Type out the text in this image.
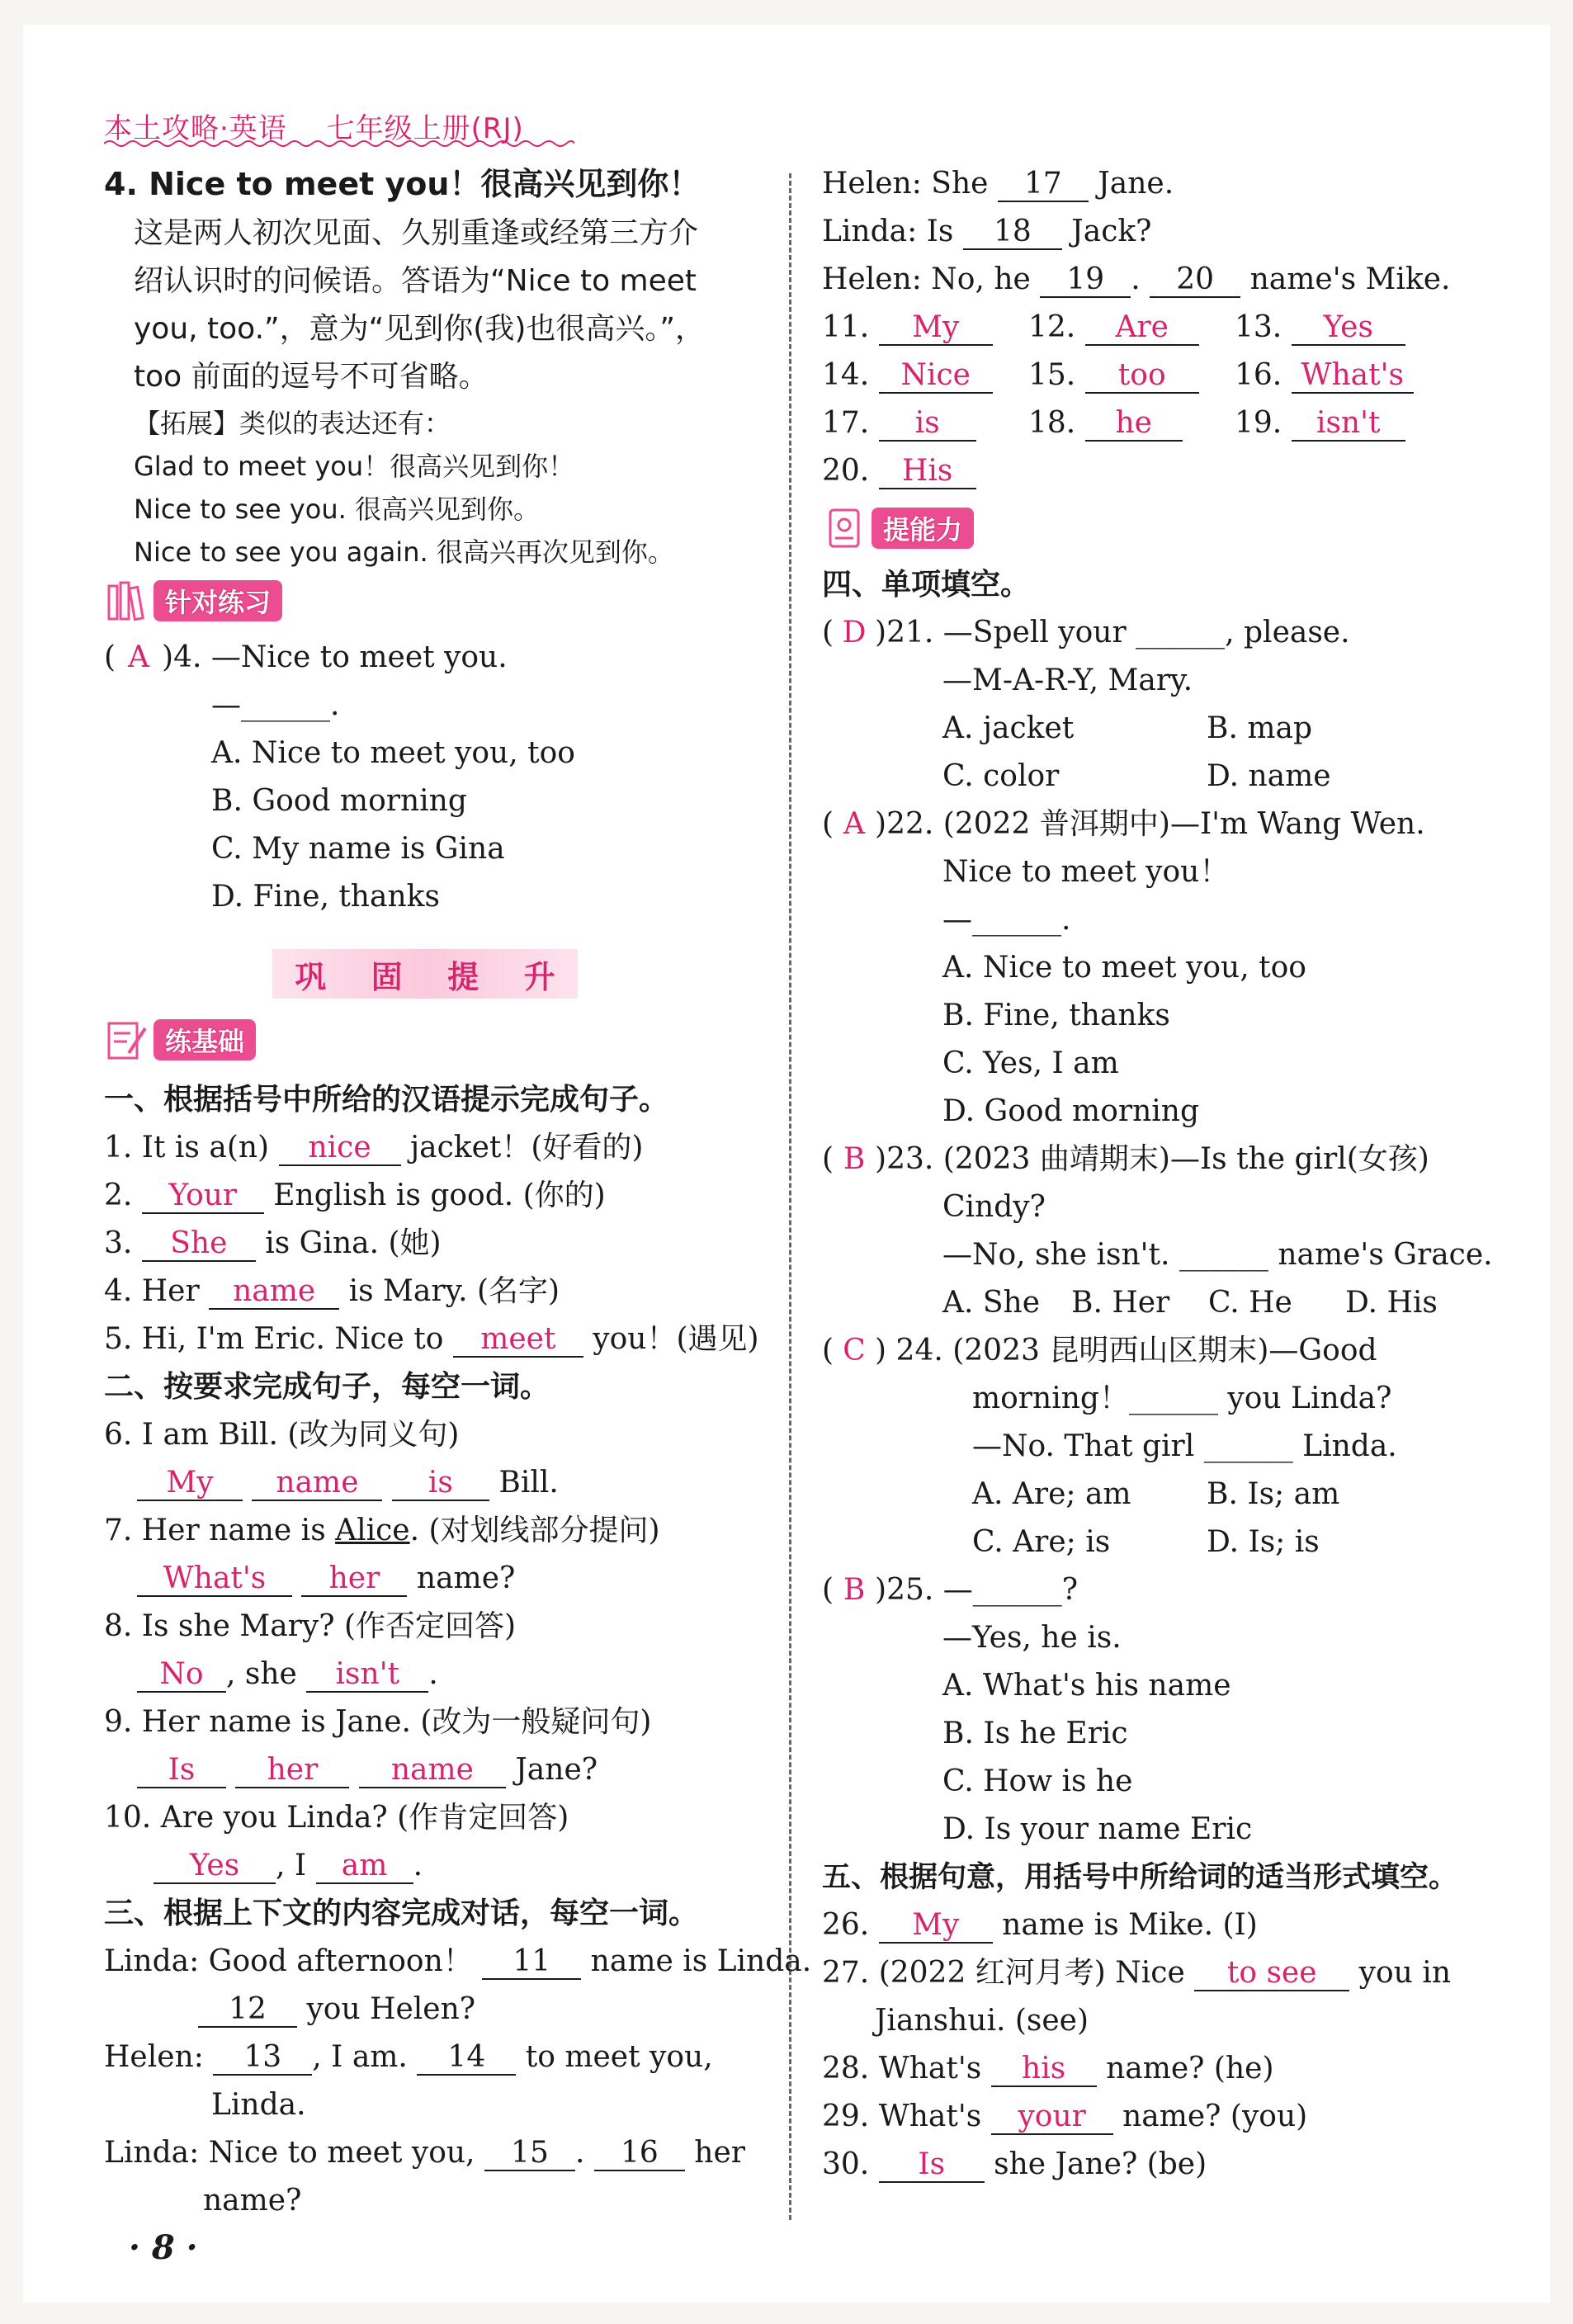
本土攻略·英语 七年级上册(RJ)
4. Nice to meet you！很高兴见到你！
这是两人初次见面、久别重逢或经第三方介
绍认识时的问候语。答语为“Nice to meet
you, too.”，意为“见到你(我)也很高兴。”，
too 前面的逗号不可省略。
【拓展】类似的表达还有：
Glad to meet you！很高兴见到你！
Nice to see you. 很高兴见到你。
Nice to see you again. 很高兴再次见到你。
针对练习
( A )4. —Nice to meet you.
—______.
A. Nice to meet you, too
B. Good morning
C. My name is Gina
D. Fine, thanks
巩 固 提 升
练基础
一、根据括号中所给的汉语提示完成句子。
1. It is a(n) nice jacket！(好看的)
2. Your English is good. (你的)
3. She is Gina. (她)
4. Her name is Mary. (名字)
5. Hi, I'm Eric. Nice to meet you！(遇见)
二、按要求完成句子，每空一词。
6. I am Bill. (改为同义句)
My name is Bill.
7. Her name is Alice. (对划线部分提问)
What's her name?
8. Is she Mary? (作否定回答)
No , she isn't .
9. Her name is Jane. (改为一般疑问句)
Is her name Jane?
10. Are you Linda? (作肯定回答)
Yes , I am .
三、根据上下文的内容完成对话，每空一词。
Linda: Good afternoon！ 11 name is Linda.
12 you Helen?
Helen: 13 , I am. 14 to meet you,
Linda.
Linda: Nice to meet you, 15 . 16 her
name?
· 8 ·
Helen: She 17 Jane.
Linda: Is 18 Jack?
Helen: No, he 19 . 20 name's Mike.
11. My 12. Are 13. Yes
14. Nice 15. too 16. What's
17. is	18. he	19. isn't
20. His
提能力
四、单项填空。
( D )21. —Spell your ______, please.
—M-A-R-Y, Mary.
A. jacket	B. map
C. color	D. name
( A )22. (2022 普洱期中)—I'm Wang Wen.
Nice to meet you！
—______.
A. Nice to meet you, too
B. Fine, thanks
C. Yes, I am
D. Good morning
( B )23. (2023 曲靖期末)—Is the girl(女孩)
Cindy?
—No, she isn't. ______ name's Grace.
A. She B. Her C. He D. His
( C ) 24. (2023 昆明西山区期末)—Good
morning！______ you Linda?
—No. That girl ______ Linda.
A. Are; am	B. Is; am
C. Are; is	D. Is; is
( B )25. —______?
—Yes, he is.
A. What's his name
B. Is he Eric
C. How is he
D. Is your name Eric
五、根据句意，用括号中所给词的适当形式填空。
26. My name is Mike. (I)
27. (2022 红河月考) Nice to see you in
Jianshui. (see)
28. What's his name? (he)
29. What's your name? (you)
30. Is she Jane? (be)
